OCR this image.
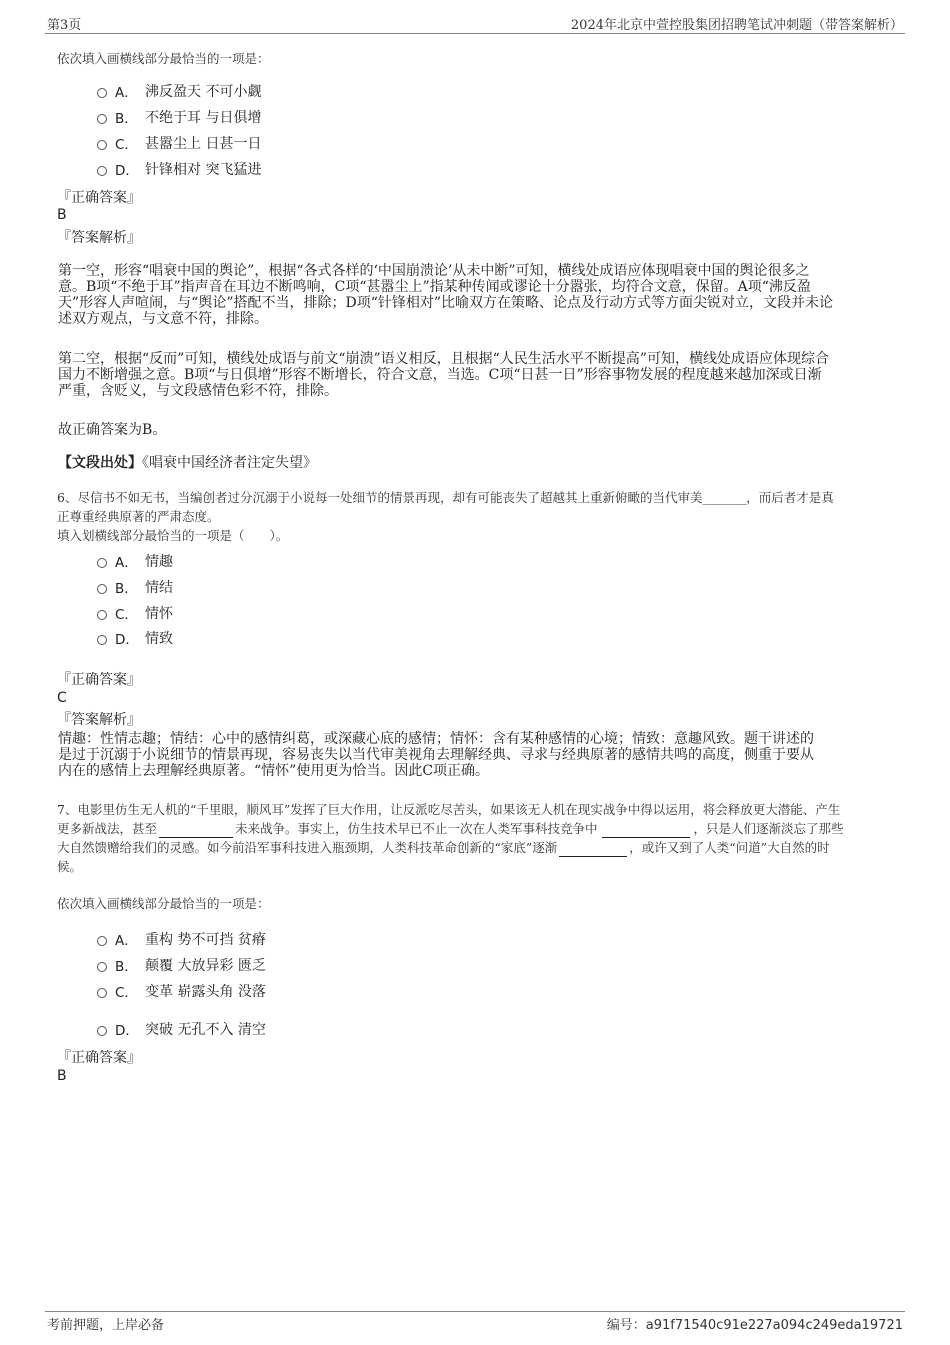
第3页	2024年北京中萱控股集团招聘笔试冲刺题（带答案解析）
依次填入画横线部分最恰当的一项是：
A． 沸反盈天 不可小觑
B． 不绝于耳 与日俱增
C． 甚嚣尘上 日甚一日
D． 针锋相对 突飞猛进
『正确答案』
B
『答案解析』
第一空，形容“唱衰中国的舆论”，根据“各式各样的‘中国崩溃论’从未中断”可知，横线处成语应体现唱衰中国的舆论很多之
意。B项“不绝于耳”指声音在耳边不断鸣响，C项“甚嚣尘上”指某种传闻或谬论十分嚣张，均符合文意，保留。A项“沸反盈
天”形容人声喧闹，与“舆论”搭配不当，排除；D项“针锋相对”比喻双方在策略、论点及行动方式等方面尖锐对立，文段并未论
述双方观点，与文意不符，排除。
第二空，根据“反而”可知，横线处成语与前文“崩溃”语义相反，且根据“人民生活水平不断提高”可知，横线处成语应体现综合
国力不断增强之意。B项“与日俱增”形容不断增长，符合文意，当选。C项“日甚一日”形容事物发展的程度越来越加深或日渐
严重，含贬义，与文段感情色彩不符，排除。
故正确答案为B。
【文段出处】《唱衰中国经济者注定失望》
6、尽信书不如无书，当编创者过分沉溺于小说每一处细节的情景再现，却有可能丧失了超越其上重新俯瞰的当代审美_______，而后者才是真
正尊重经典原著的严肃态度。
填入划横线部分最恰当的一项是（　　）。
A． 情趣
B． 情结
C． 情怀
D． 情致
『正确答案』
C
『答案解析』
情趣：性情志趣；情结：心中的感情纠葛，或深藏心底的感情；情怀：含有某种感情的心境；情致：意趣风致。题干讲述的
是过于沉溺于小说细节的情景再现，容易丧失以当代审美视角去理解经典、寻求与经典原著的感情共鸣的高度，侧重于要从
内在的感情上去理解经典原著。“情怀”使用更为恰当。因此C项正确。
7、电影里仿生无人机的“千里眼，顺风耳”发挥了巨大作用，让反派吃尽苦头，如果该无人机在现实战争中得以运用，将会释放更大潜能、产生
更多新战法，甚至	未来战争。事实上，仿生技术早已不止一次在人类军事科技竞争中	，只是人们逐渐淡忘了那些
大自然馈赠给我们的灵感。如今前沿军事科技进入瓶颈期，人类科技革命创新的“家底”逐渐	，或许又到了人类“问道”大自然的时
候。
依次填入画横线部分最恰当的一项是：
A． 重构 势不可挡 贫瘠
B． 颠覆 大放异彩 匮乏
C． 变革 崭露头角 没落
D． 突破 无孔不入 清空
『正确答案』
B
考前押题，上岸必备	编号：a91f71540c91e227a094c249eda19721
